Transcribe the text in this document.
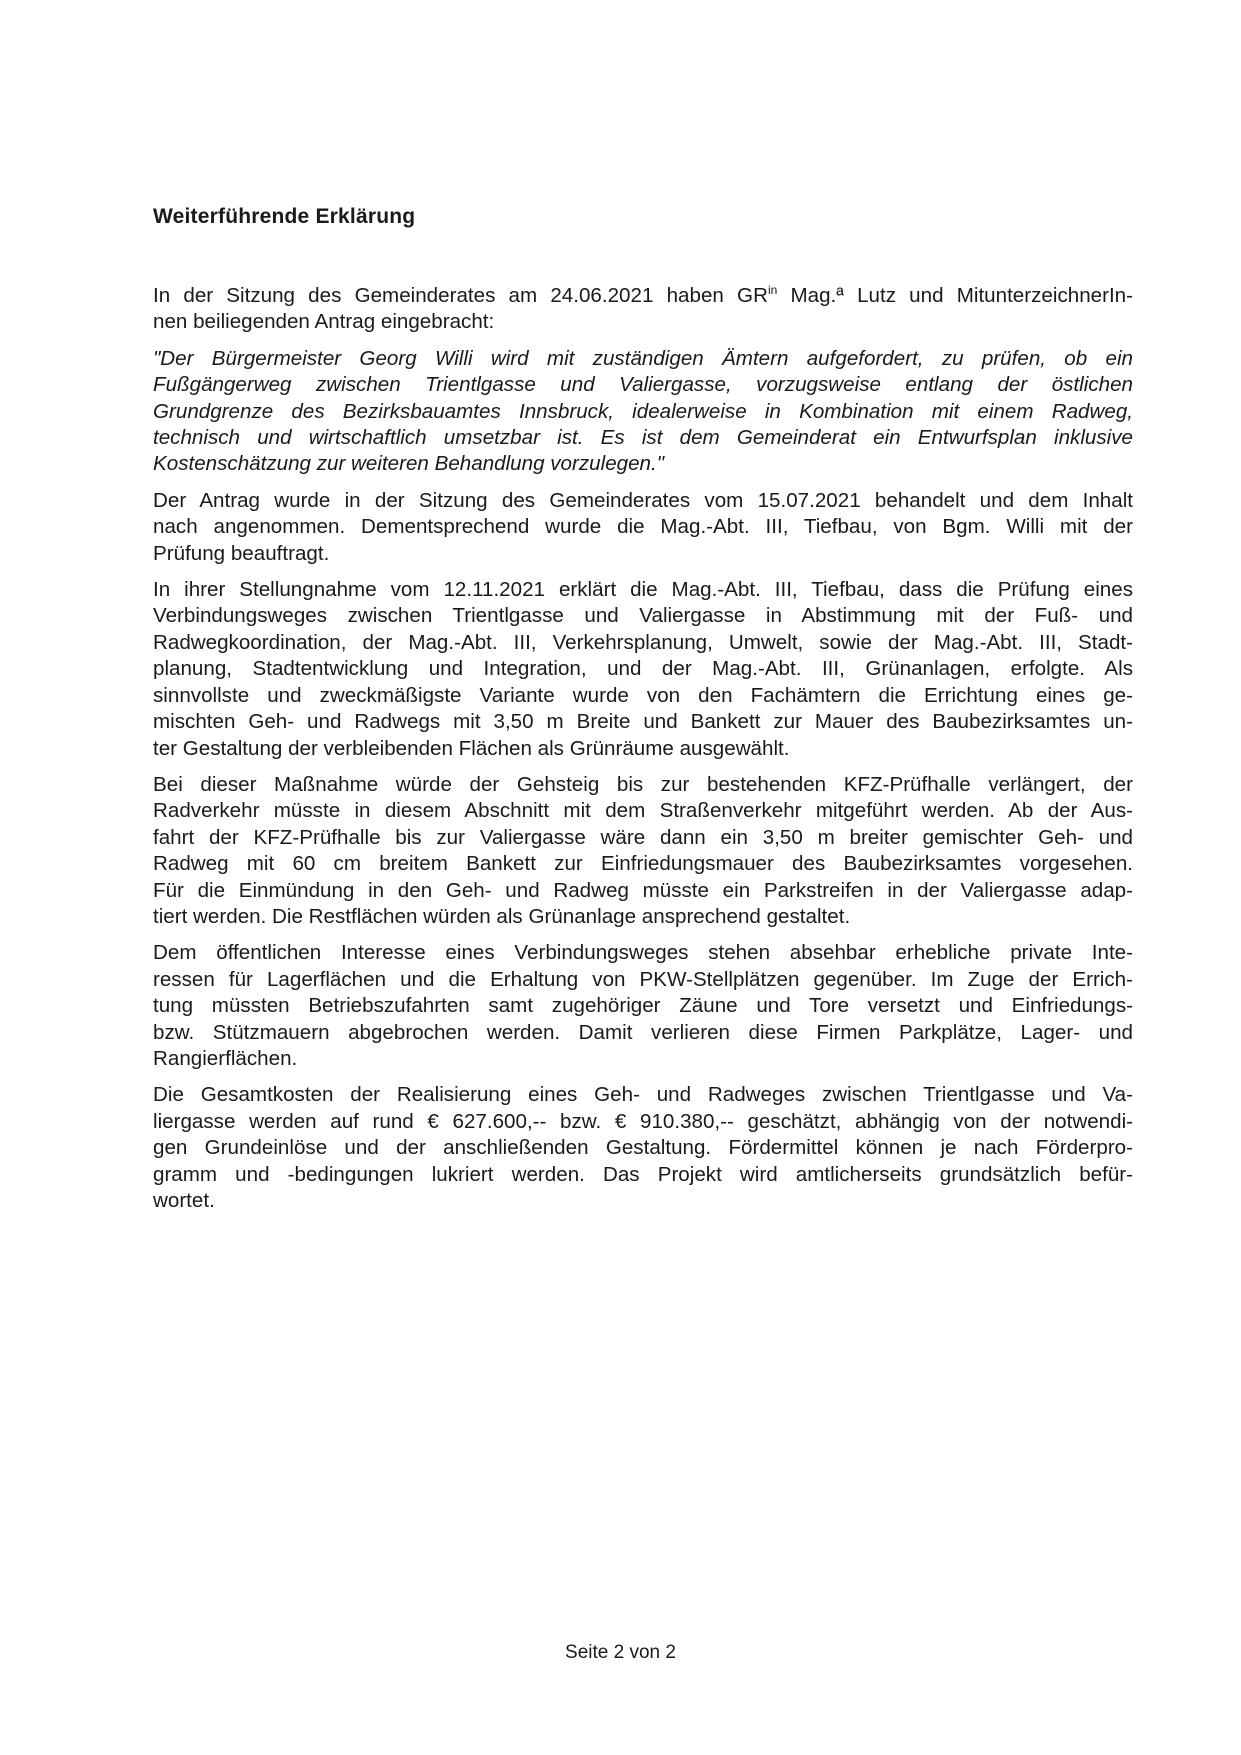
Weiterführende Erklärung
In der Sitzung des Gemeinderates am 24.06.2021 haben $GR^{in}$ Mag.ª Lutz und MitunterzeichnerIn-
nen beiliegenden Antrag eingebracht:
"Der Bürgermeister Georg Willi wird mit zuständigen Ämtern aufgefordert, zu prüfen, ob ein
Fußgängerweg zwischen Trientlgasse und Valiergasse, vorzugsweise entlang der östlichen
Grundgrenze des Bezirksbauamtes Innsbruck, idealerweise in Kombination mit einem Radweg,
technisch und wirtschaftlich umsetzbar ist. Es ist dem Gemeinderat ein Entwurfsplan inklusive
Kostenschätzung zur weiteren Behandlung vorzulegen."
Der Antrag wurde in der Sitzung des Gemeinderates vom 15.07.2021 behandelt und dem Inhalt
nach angenommen. Dementsprechend wurde die Mag.-Abt. III, Tiefbau, von Bgm. Willi mit der
Prüfung beauftragt.
In ihrer Stellungnahme vom 12.11.2021 erklärt die Mag.-Abt. III, Tiefbau, dass die Prüfung eines
Verbindungsweges zwischen Trientlgasse und Valiergasse in Abstimmung mit der Fuß- und
Radwegkoordination, der Mag.-Abt. III, Verkehrsplanung, Umwelt, sowie der Mag.-Abt. III, Stadt-
planung, Stadtentwicklung und Integration, und der Mag.-Abt. III, Grünanlagen, erfolgte. Als
sinnvollste und zweckmäßigste Variante wurde von den Fachämtern die Errichtung eines ge-
mischten Geh- und Radwegs mit 3,50 m Breite und Bankett zur Mauer des Baubezirksamtes un-
ter Gestaltung der verbleibenden Flächen als Grünräume ausgewählt.
Bei dieser Maßnahme würde der Gehsteig bis zur bestehenden KFZ-Prüfhalle verlängert, der
Radverkehr müsste in diesem Abschnitt mit dem Straßenverkehr mitgeführt werden. Ab der Aus-
fahrt der KFZ-Prüfhalle bis zur Valiergasse wäre dann ein 3,50 m breiter gemischter Geh- und
Radweg mit 60 cm breitem Bankett zur Einfriedungsmauer des Baubezirksamtes vorgesehen.
Für die Einmündung in den Geh- und Radweg müsste ein Parkstreifen in der Valiergasse adap-
tiert werden. Die Restflächen würden als Grünanlage ansprechend gestaltet.
Dem öffentlichen Interesse eines Verbindungsweges stehen absehbar erhebliche private Inte-
ressen für Lagerflächen und die Erhaltung von PKW-Stellplätzen gegenüber. Im Zuge der Errich-
tung müssten Betriebszufahrten samt zugehöriger Zäune und Tore versetzt und Einfriedungs-
bzw. Stützmauern abgebrochen werden. Damit verlieren diese Firmen Parkplätze, Lager- und
Rangierflächen.
Die Gesamtkosten der Realisierung eines Geh- und Radweges zwischen Trientlgasse und Va-
liergasse werden auf rund € 627.600,-- bzw. € 910.380,-- geschätzt, abhängig von der notwendi-
gen Grundeinlöse und der anschließenden Gestaltung. Fördermittel können je nach Förderpro-
gramm und -bedingungen lukriert werden. Das Projekt wird amtlicherseits grundsätzlich befür-
wortet.
Seite 2 von 2
